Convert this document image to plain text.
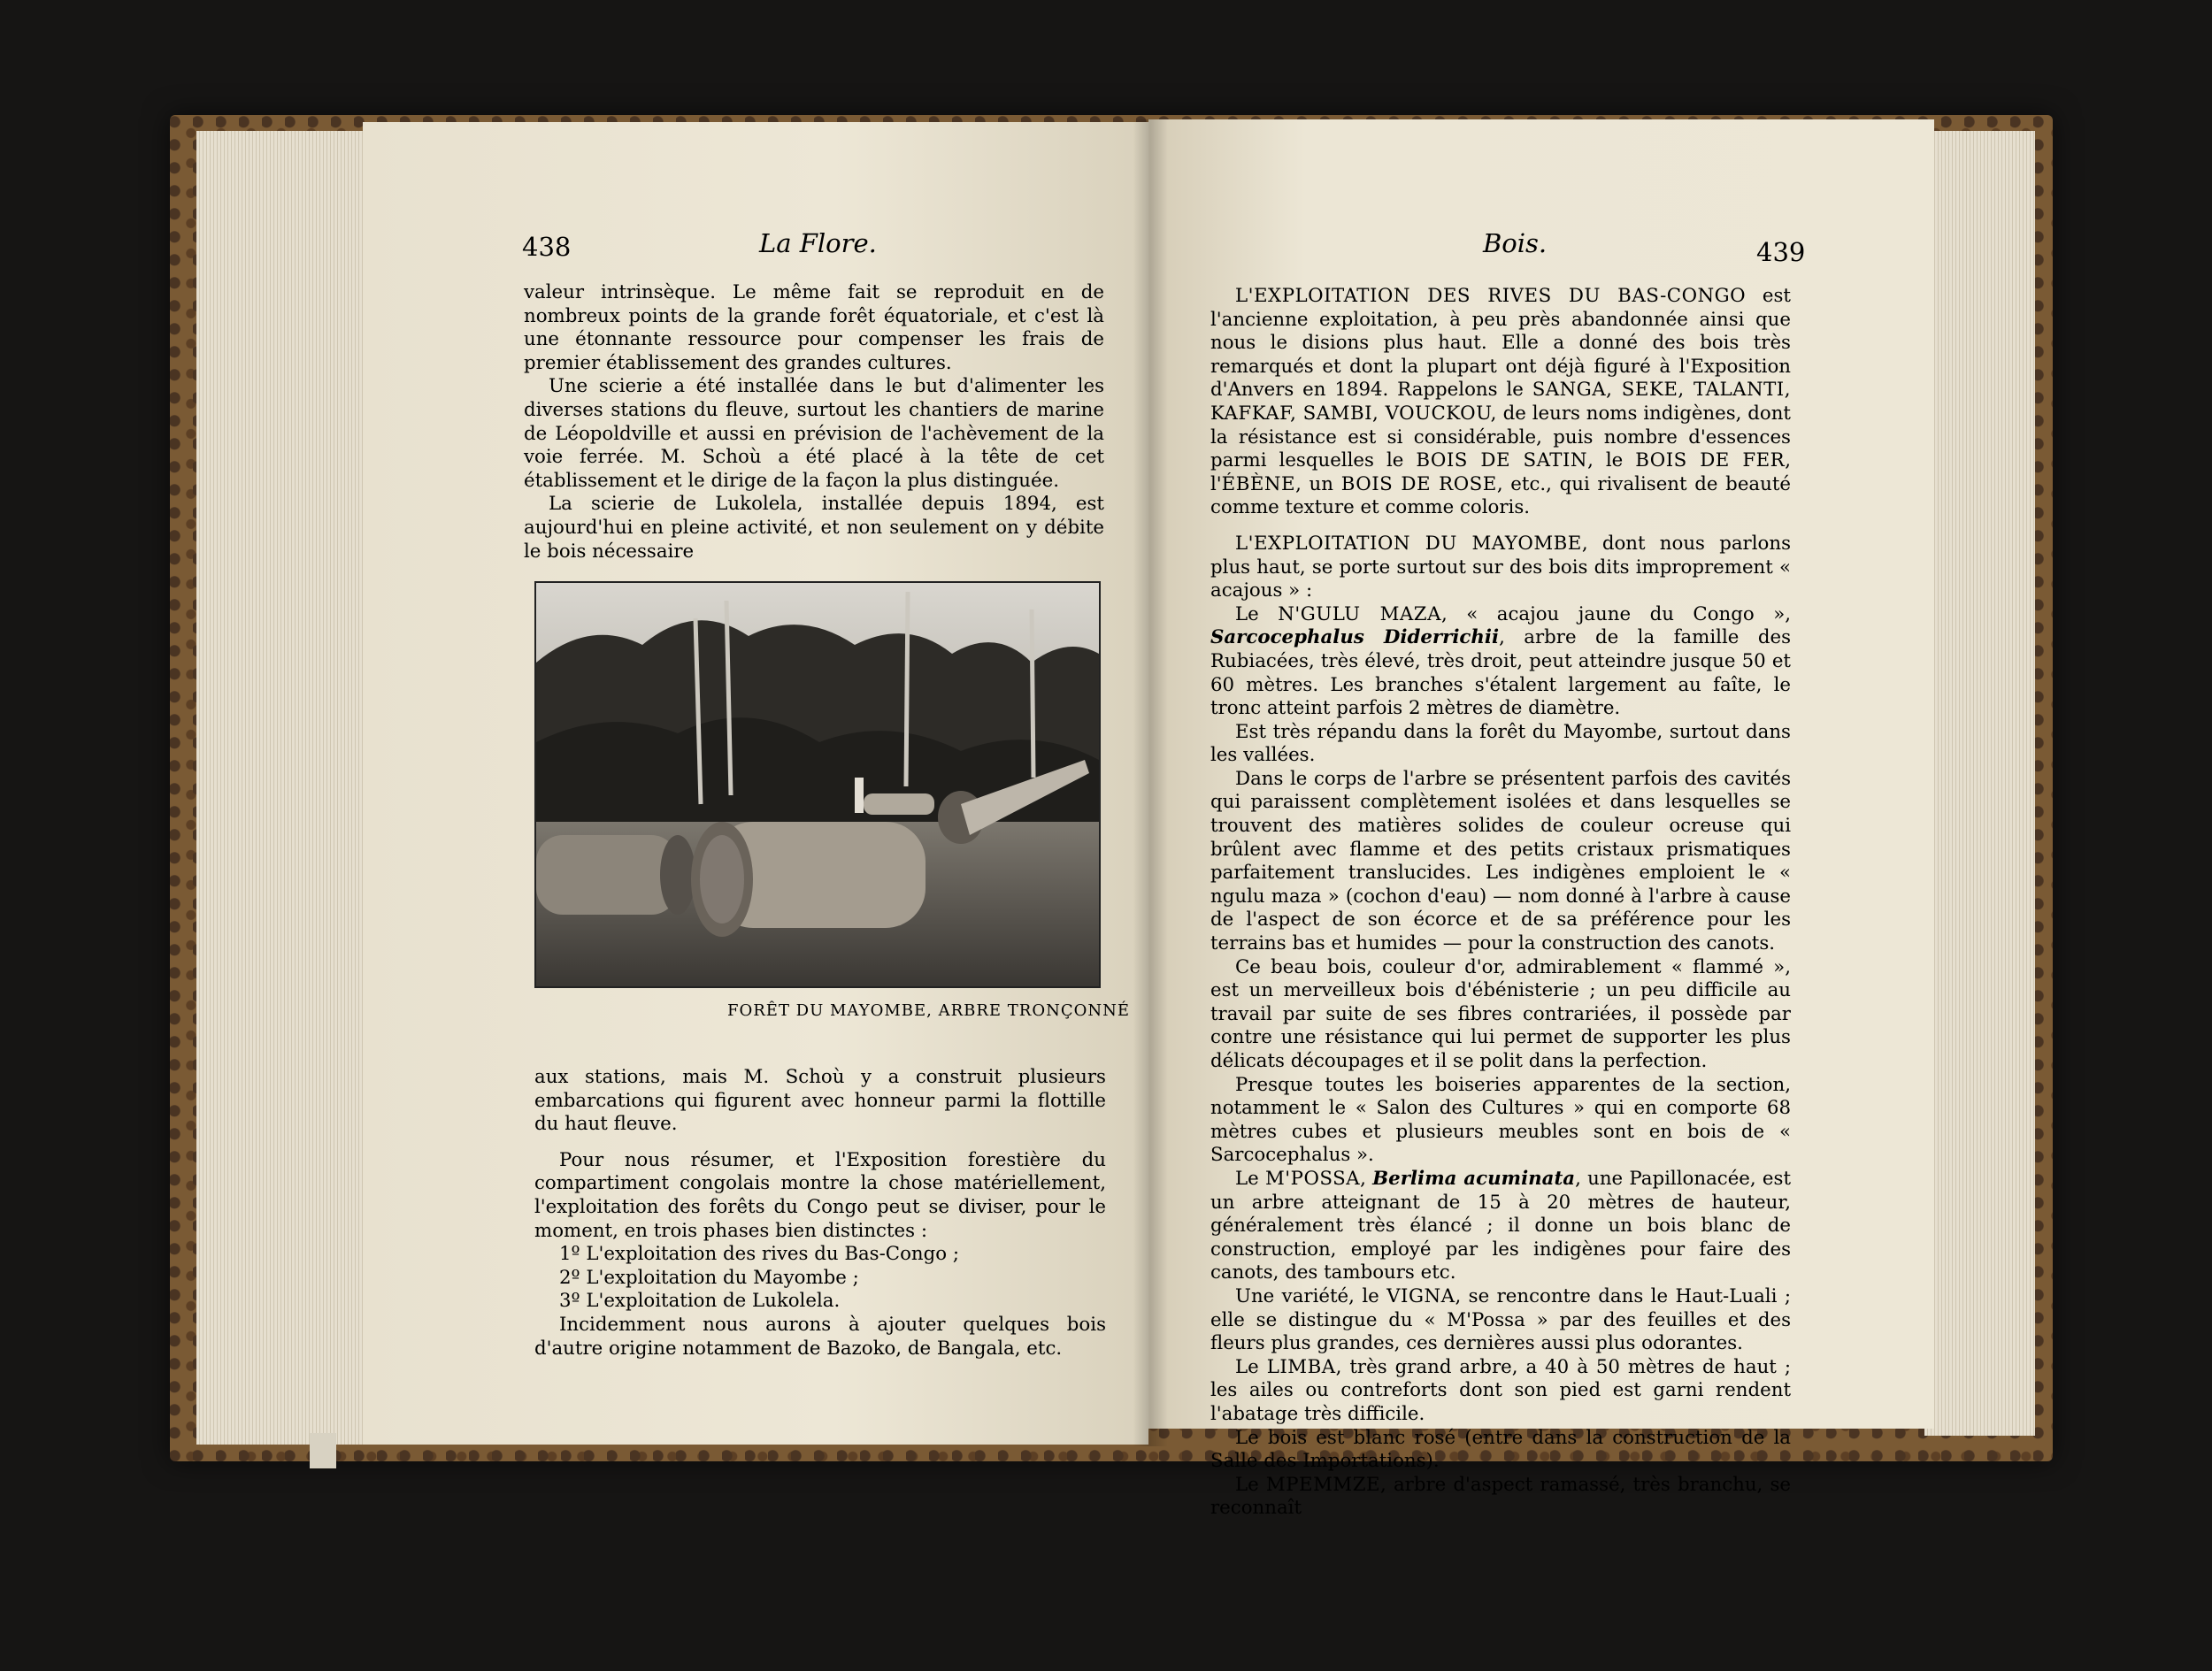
438	La Flore.

valeur intrinsèque. Le même fait se reproduit en de nombreux points de la grande forêt équatoriale, et c'est là une étonnante ressource pour compenser les frais de premier établissement des grandes cultures.

Une scierie a été installée dans le but d'alimenter les diverses stations du fleuve, surtout les chantiers de marine de Léopoldville et aussi en prévision de l'achèvement de la voie ferrée. M. Schoù a été placé à la tête de cet établissement et le dirige de la façon la plus distinguée.

La scierie de Lukolela, installée depuis 1894, est aujourd'hui en pleine activité, et non seulement on y débite le bois nécessaire

FORÊT DU MAYOMBE, ARBRE TRONÇONNÉ

aux stations, mais M. Schoù y a construit plusieurs embarcations qui figurent avec honneur parmi la flottille du haut fleuve.

Pour nous résumer, et l'Exposition forestière du compartiment congolais montre la chose matériellement, l'exploitation des forêts du Congo peut se diviser, pour le moment, en trois phases bien distinctes :

1º L'exploitation des rives du Bas-Congo ;

2º L'exploitation du Mayombe ;

3º L'exploitation de Lukolela.

Incidemment nous aurons à ajouter quelques bois d'autre origine notamment de Bazoko, de Bangala, etc.

Bois.	439

L'EXPLOITATION DES RIVES DU BAS-CONGO est l'ancienne exploitation, à peu près abandonnée ainsi que nous le disions plus haut. Elle a donné des bois très remarqués et dont la plupart ont déjà figuré à l'Exposition d'Anvers en 1894. Rappelons le SANGA, SEKE, TALANTI, KAFKAF, SAMBI, VOUCKOU, de leurs noms indigènes, dont la résistance est si considérable, puis nombre d'essences parmi lesquelles le BOIS DE SATIN, le BOIS DE FER, l'ÉBÈNE, un BOIS DE ROSE, etc., qui rivalisent de beauté comme texture et comme coloris.

L'EXPLOITATION DU MAYOMBE, dont nous parlons plus haut, se porte surtout sur des bois dits improprement « acajous » :

Le N'GULU MAZA, « acajou jaune du Congo », Sarcocephalus Diderrichii, arbre de la famille des Rubiacées, très élevé, très droit, peut atteindre jusque 50 et 60 mètres. Les branches s'étalent largement au faîte, le tronc atteint parfois 2 mètres de diamètre.

Est très répandu dans la forêt du Mayombe, surtout dans les vallées.

Dans le corps de l'arbre se présentent parfois des cavités qui paraissent complètement isolées et dans lesquelles se trouvent des matières solides de couleur ocreuse qui brûlent avec flamme et des petits cristaux prismatiques parfaitement translucides. Les indigènes emploient le « ngulu maza » (cochon d'eau) — nom donné à l'arbre à cause de l'aspect de son écorce et de sa préférence pour les terrains bas et humides — pour la construction des canots.

Ce beau bois, couleur d'or, admirablement « flammé », est un merveilleux bois d'ébénisterie ; un peu difficile au travail par suite de ses fibres contrariées, il possède par contre une résistance qui lui permet de supporter les plus délicats découpages et il se polit dans la perfection.

Presque toutes les boiseries apparentes de la section, notamment le « Salon des Cultures » qui en comporte 68 mètres cubes et plusieurs meubles sont en bois de « Sarcocephalus ».

Le M'POSSA, Berlima acuminata, une Papillonacée, est un arbre atteignant de 15 à 20 mètres de hauteur, généralement très élancé ; il donne un bois blanc de construction, employé par les indigènes pour faire des canots, des tambours etc.

Une variété, le VIGNA, se rencontre dans le Haut-Luali ; elle se distingue du « M'Possa » par des feuilles et des fleurs plus grandes, ces dernières aussi plus odorantes.

Le LIMBA, très grand arbre, a 40 à 50 mètres de haut ; les ailes ou contreforts dont son pied est garni rendent l'abatage très difficile.

Le bois est blanc rosé (entre dans la construction de la Salle des Importations).

Le MPEMMZE, arbre d'aspect ramassé, très branchu, se reconnaît
